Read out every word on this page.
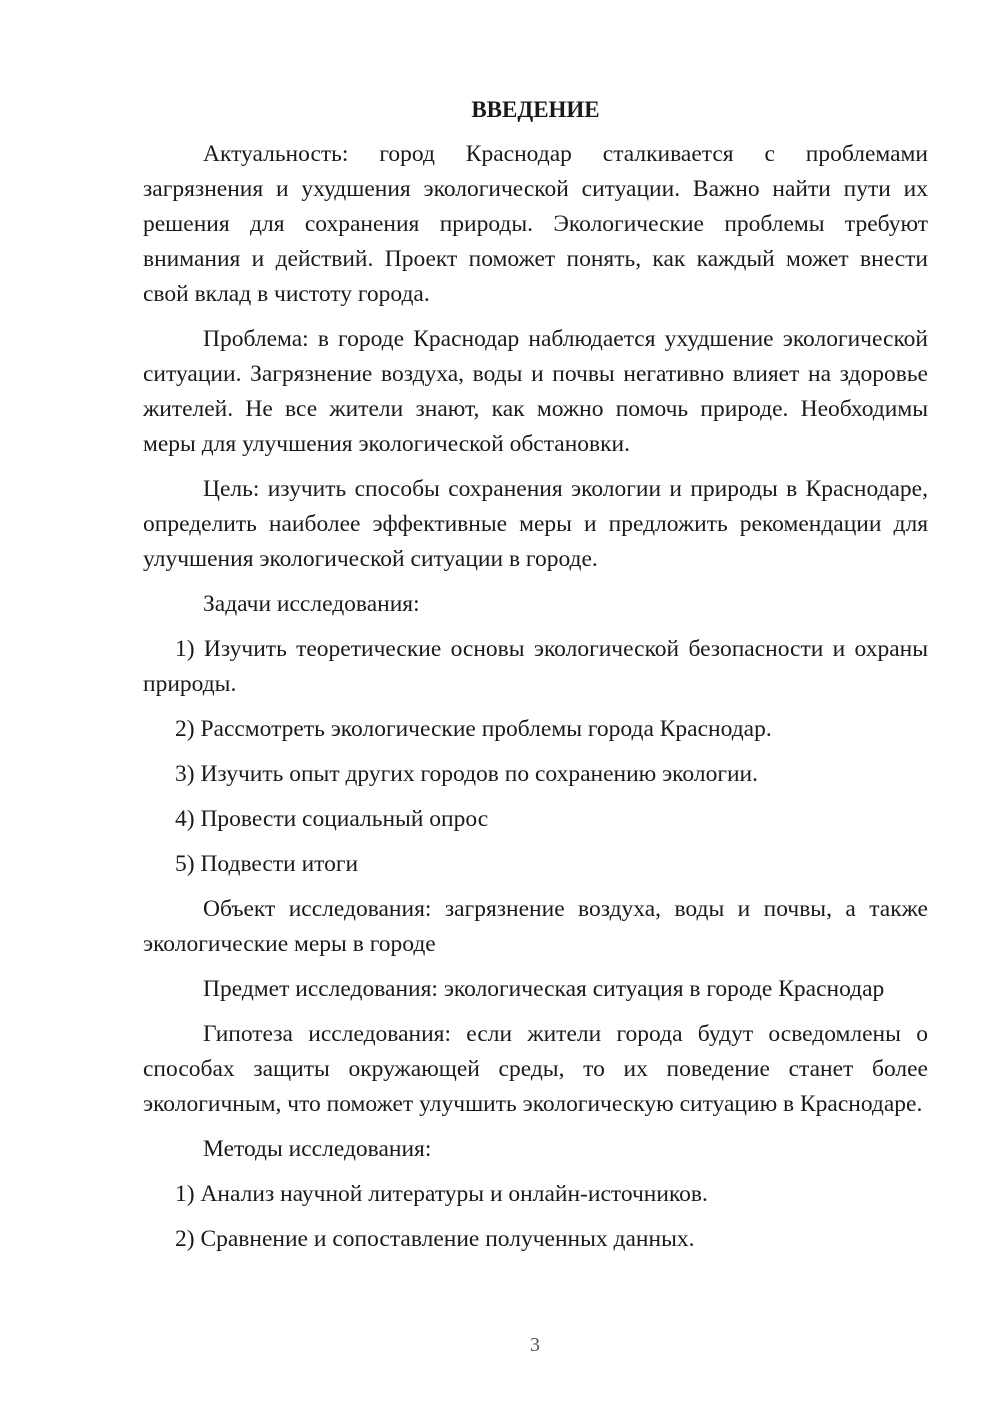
ВВЕДЕНИЕ

Актуальность: город Краснодар сталкивается с проблемами загрязнения и ухудшения экологической ситуации. Важно найти пути их решения для сохранения природы. Экологические проблемы требуют внимания и действий. Проект поможет понять, как каждый может внести свой вклад в чистоту города.

Проблема: в городе Краснодар наблюдается ухудшение экологической ситуации. Загрязнение воздуха, воды и почвы негативно влияет на здоровье жителей. Не все жители знают, как можно помочь природе. Необходимы меры для улучшения экологической обстановки.

Цель: изучить способы сохранения экологии и природы в Краснодаре, определить наиболее эффективные меры и предложить рекомендации для улучшения экологической ситуации в городе.

Задачи исследования:

1) Изучить теоретические основы экологической безопасности и охраны природы.

2) Рассмотреть экологические проблемы города Краснодар.

3) Изучить опыт других городов по сохранению экологии.

4) Провести социальный опрос

5) Подвести итоги

Объект исследования: загрязнение воздуха, воды и почвы, а также экологические меры в городе

Предмет исследования: экологическая ситуация в городе Краснодар

Гипотеза исследования: если жители города будут осведомлены о способах защиты окружающей среды, то их поведение станет более экологичным, что поможет улучшить экологическую ситуацию в Краснодаре.

Методы исследования:

1) Анализ научной литературы и онлайн-источников.

2) Сравнение и сопоставление полученных данных.

3
